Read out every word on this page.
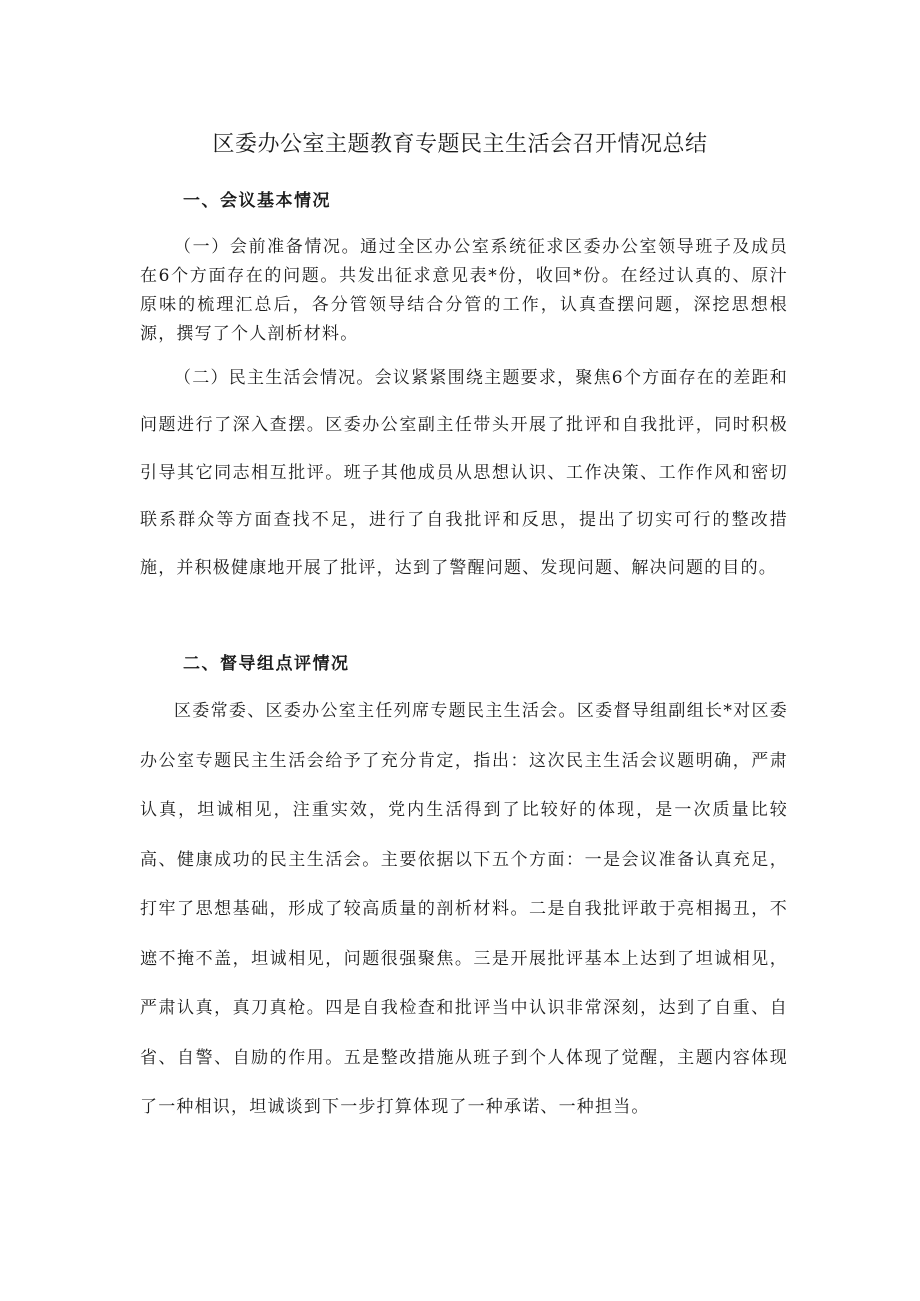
区委办公室主题教育专题民主生活会召开情况总结
一、会议基本情况

（一）会前准备情况。通过全区办公室系统征求区委办公室领导班子及成员在6个方面存在的问题。共发出征求意见表*份，收回*份。在经过认真的、原汁原味的梳理汇总后，各分管领导结合分管的工作，认真查摆问题，深挖思想根源，撰写了个人剖析材料。

（二）民主生活会情况。会议紧紧围绕主题要求，聚焦6个方面存在的差距和问题进行了深入查摆。区委办公室副主任带头开展了批评和自我批评，同时积极引导其它同志相互批评。班子其他成员从思想认识、工作决策、工作作风和密切联系群众等方面查找不足，进行了自我批评和反思，提出了切实可行的整改措施，并积极健康地开展了批评，达到了警醒问题、发现问题、解决问题的目的。

二、督导组点评情况

区委常委、区委办公室主任列席专题民主生活会。区委督导组副组长*对区委办公室专题民主生活会给予了充分肯定，指出：这次民主生活会议题明确，严肃认真，坦诚相见，注重实效，党内生活得到了比较好的体现，是一次质量比较高、健康成功的民主生活会。主要依据以下五个方面：一是会议准备认真充足，打牢了思想基础，形成了较高质量的剖析材料。二是自我批评敢于亮相揭丑，不遮不掩不盖，坦诚相见，问题很强聚焦。三是开展批评基本上达到了坦诚相见，严肃认真，真刀真枪。四是自我检查和批评当中认识非常深刻，达到了自重、自省、自警、自励的作用。五是整改措施从班子到个人体现了觉醒，主题内容体现了一种相识，坦诚谈到下一步打算体现了一种承诺、一种担当。
